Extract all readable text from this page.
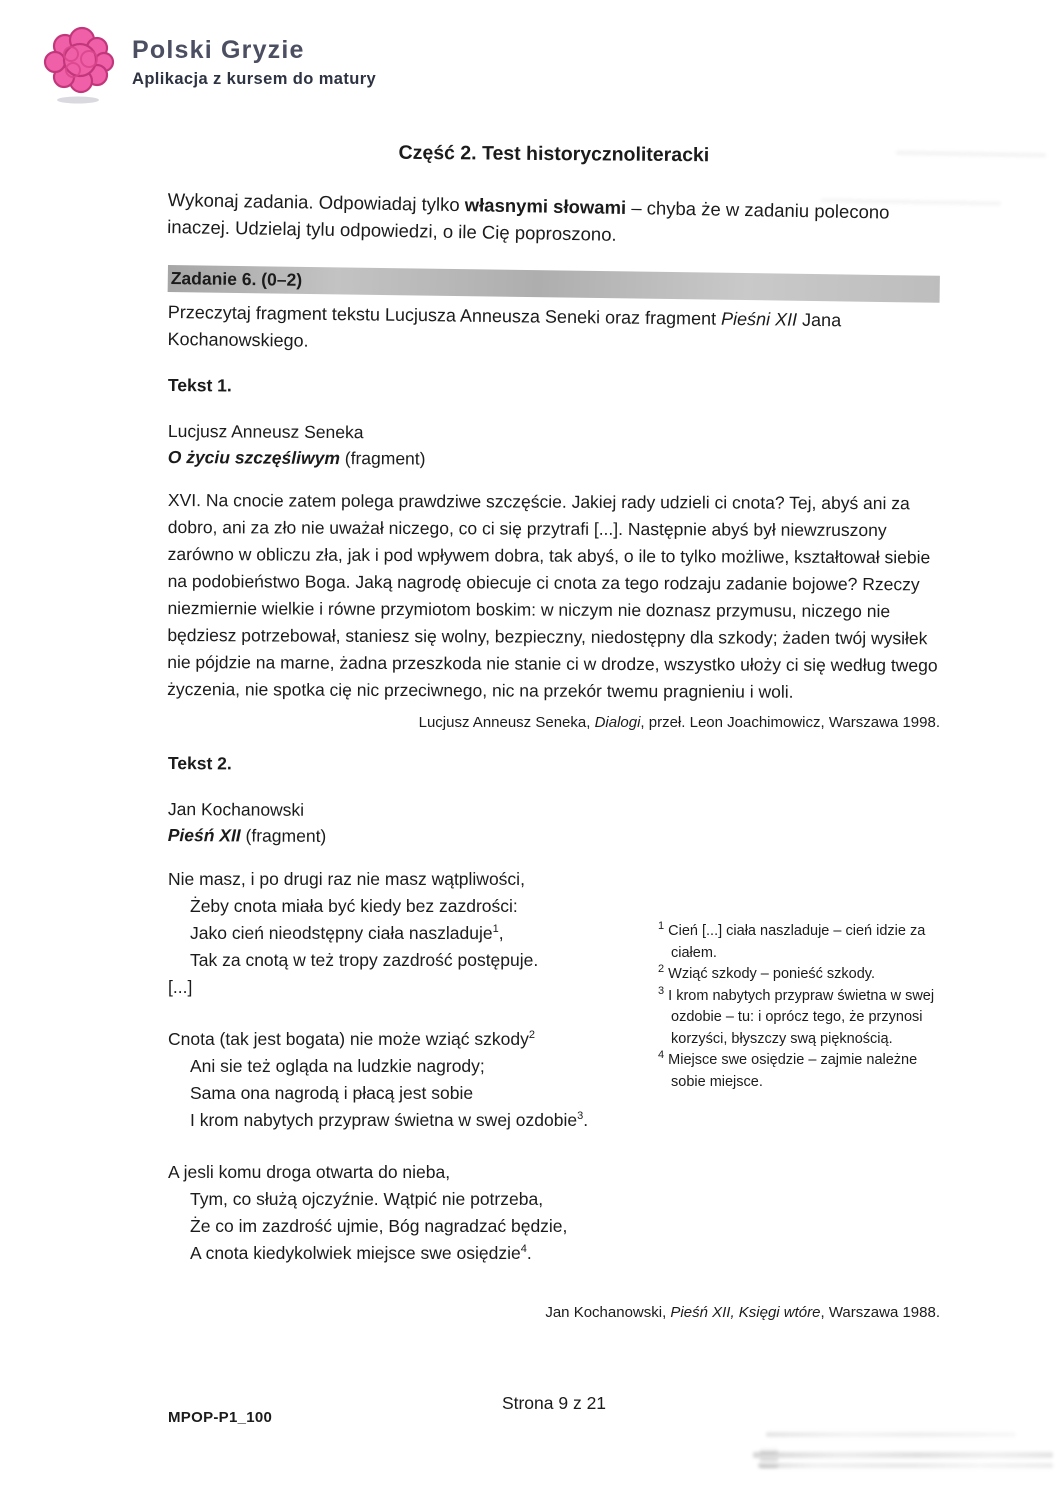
Polski Gryzie
Aplikacja z kursem do matury
Część 2. Test historycznoliteracki

Wykonaj zadania. Odpowiadaj tylko własnymi słowami – chyba że w zadaniu polecono inaczej. Udzielaj tylu odpowiedzi, o ile Cię poproszono.

Zadanie 6. (0–2)

Przeczytaj fragment tekstu Lucjusza Anneusza Seneki oraz fragment Pieśni XII Jana Kochanowskiego.

Tekst 1.

Lucjusz Anneusz Seneka
O życiu szczęśliwym (fragment)

XVI. Na cnocie zatem polega prawdziwe szczęście. Jakiej rady udzieli ci cnota? Tej, abyś ani za dobro, ani za zło nie uważał niczego, co ci się przytrafi [...]. Następnie abyś był niewzruszony zarówno w obliczu zła, jak i pod wpływem dobra, tak abyś, o ile to tylko możliwe, kształtował siebie na podobieństwo Boga. Jaką nagrodę obiecuje ci cnota za tego rodzaju zadanie bojowe? Rzeczy niezmiernie wielkie i równe przymiotom boskim: w niczym nie doznasz przymusu, niczego nie będziesz potrzebował, staniesz się wolny, bezpieczny, niedostępny dla szkody; żaden twój wysiłek nie pójdzie na marne, żadna przeszkoda nie stanie ci w drodze, wszystko ułoży ci się według twego życzenia, nie spotka cię nic przeciwnego, nic na przekór twemu pragnieniu i woli.

Lucjusz Anneusz Seneka, Dialogi, przeł. Leon Joachimowicz, Warszawa 1998.

Tekst 2.

Jan Kochanowski
Pieśń XII (fragment)
Nie masz, i po drugi raz nie masz wątpliwości,
Żeby cnota miała być kiedy bez zazdrości:
Jako cień nieodstępny ciała naszladuje$^1$,
Tak za cnotą w też tropy zazdrość postępuje.
[...]
Cnota (tak jest bogata) nie może wziąć szkody$^2$
Ani sie też ogląda na ludzkie nagrody;
Sama ona nagrodą i płacą jest sobie
I krom nabytych przypraw świetna w swej ozdobie$^3$.
A jesli komu droga otwarta do nieba,
Tym, co służą ojczyźnie. Wątpić nie potrzeba,
Że co im zazdrość ujmie, Bóg nagradzać będzie,
A cnota kiedykolwiek miejsce swe osiędzie$^4$.
$^1$ Cień [...] ciała naszladuje – cień idzie za ciałem.
$^2$ Wziąć szkody – ponieść szkody.
$^3$ I krom nabytych przypraw świetna w swej ozdobie – tu: i oprócz tego, że przynosi korzyści, błyszczy swą pięknością.
$^4$ Miejsce swe osiędzie – zajmie należne sobie miejsce.

Jan Kochanowski, Pieśń XII, Księgi wtóre, Warszawa 1988.

Strona 9 z 21
MPOP-P1_100
